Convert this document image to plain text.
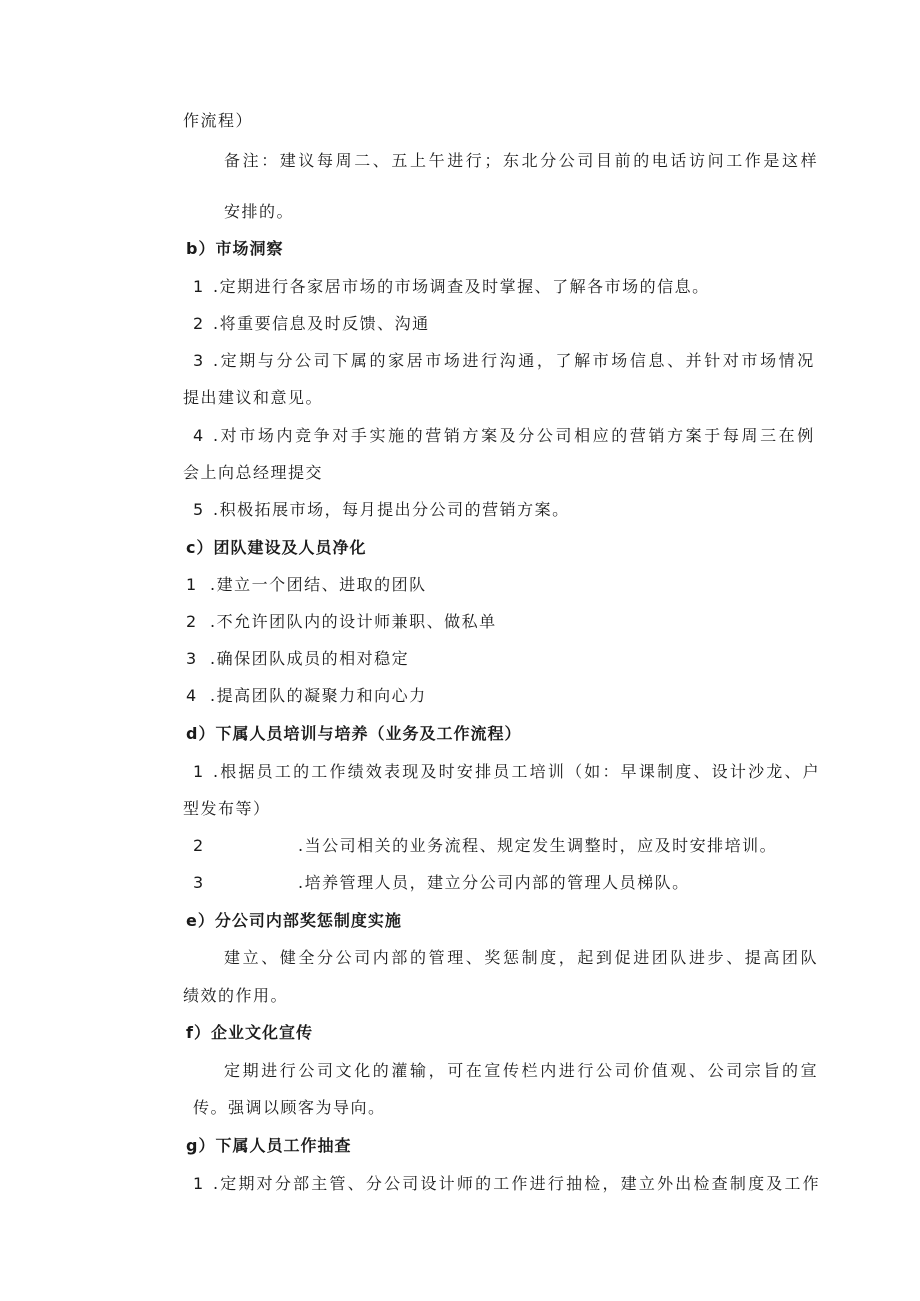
作流程）
备注：建议每周二、五上午进行；东北分公司目前的电话访问工作是这样
安排的。
b）市场洞察
1 .定期进行各家居市场的市场调查及时掌握、了解各市场的信息。
2 .将重要信息及时反馈、沟通
3 .定期与分公司下属的家居市场进行沟通，了解市场信息、并针对市场情况
提出建议和意见。
4 .对市场内竞争对手实施的营销方案及分公司相应的营销方案于每周三在例
会上向总经理提交
5 .积极拓展市场，每月提出分公司的营销方案。
c）团队建设及人员净化
1 .建立一个团结、进取的团队
2 .不允许团队内的设计师兼职、做私单
3 .确保团队成员的相对稳定
4 .提高团队的凝聚力和向心力
d）下属人员培训与培养（业务及工作流程）
1 .根据员工的工作绩效表现及时安排员工培训（如：早课制度、设计沙龙、户
型发布等）
2	.当公司相关的业务流程、规定发生调整时，应及时安排培训。
3	.培养管理人员，建立分公司内部的管理人员梯队。
e）分公司内部奖惩制度实施
建立、健全分公司内部的管理、奖惩制度，起到促进团队进步、提高团队
绩效的作用。
f）企业文化宣传
定期进行公司文化的灌输，可在宣传栏内进行公司价值观、公司宗旨的宣
传。强调以顾客为导向。
g）下属人员工作抽查
1 .定期对分部主管、分公司设计师的工作进行抽检，建立外出检查制度及工作
